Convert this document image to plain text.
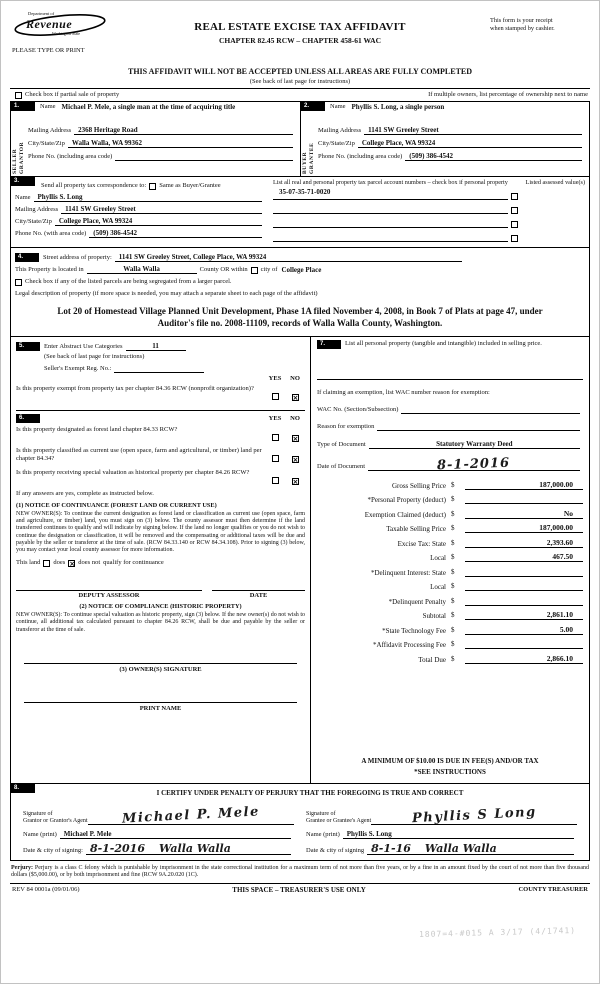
Department of
Revenue
Washington State
REAL ESTATE EXCISE TAX AFFIDAVIT
CHAPTER 82.45 RCW – CHAPTER 458-61 WAC
This form is your receipt
when stamped by cashier.
PLEASE TYPE OR PRINT
THIS AFFIDAVIT WILL NOT BE ACCEPTED UNLESS ALL AREAS ARE FULLY COMPLETED
(See back of last page for instructions)
Check box if partial sale of property	If multiple owners, list percentage of ownership next to name
1.
SELLER GRANTOR
Name Michael P. Mele, a single man at the time of acquiring title
Mailing Address 2368 Heritage Road
City/State/Zip Walla Walla, WA 99362
Phone No. (including area code)
2.
BUYER GRANTEE
Name Phyllis S. Long, a single person
Mailing Address 1141 SW Greeley Street
City/State/Zip College Place, WA 99324
Phone No. (including area code) (509) 386-4542
3.
Send all property tax correspondence to: Same as Buyer/Grantee
Name Phyllis S. Long
Mailing Address 1141 SW Greeley Street
City/State/Zip College Place, WA 99324
Phone No. (with area code) (509) 386-4542
List all real and personal property tax parcel account numbers – check box if personal property	Listed assessed value(s)
35-07-35-71-0020
4.	Street address of property: 1141 SW Greeley Street, College Place, WA 99324
This Property is located in	Walla Walla	County OR within city of College Place
Check box if any of the listed parcels are being segregated from a larger parcel.
Legal description of property (if more space is needed, you may attach a separate sheet to each page of the affidavit)
Lot 20 of Homestead Village Planned Unit Development, Phase 1A filed November 4, 2008, in Book 7 of Plats at page 47, under Auditor's file no. 2008-11109, records of Walla Walla County, Washington.
5.	Enter Abstract Use Categories	11
(See back of last page for instructions)
Seller's Exempt Reg. No.:
YES	NO
Is this property exempt from property tax per chapter 84.36 RCW (nonprofit organization)?
×
6.	YES	NO
Is this property designated as forest land chapter 84.33 RCW?
×
Is this property classified as current use (open space, farm and agricultural, or timber) land per chapter 84.34?	×
Is this property receiving special valuation as historical property per chapter 84.26 RCW?
×
If any answers are yes, complete as instructed below.
(1) NOTICE OF CONTINUANCE (FOREST LAND OR CURRENT USE)
NEW OWNER(S): To continue the current designation as forest land or classification as current use (open space, farm and agriculture, or timber) land, you must sign on (3) below. The county assessor must then determine if the land transferred continues to qualify and will indicate by signing below. If the land no longer qualifies or you do not wish to continue the designation or classification, it will be removed and the compensating or additional taxes will be due and payable by the seller or transferor at the time of sale. (RCW 84.33.140 or RCW 84.34.108). Prior to signing (3) below, you may contact your local county assessor for more information.
This land does × does not qualify for continuance
DEPUTY ASSESSOR	DATE
(2) NOTICE OF COMPLIANCE (HISTORIC PROPERTY)
NEW OWNER(S): To continue special valuation as historic property, sign (3) below. If the new owner(s) do not wish to continue, all additional tax calculated pursuant to chapter 84.26 RCW, shall be due and payable by the seller or transferor at the time of sale.
(3) OWNER(S) SIGNATURE
PRINT NAME
7.	List all personal property (tangible and intangible) included in selling price.
If claiming an exemption, list WAC number reason for exemption:
WAC No. (Section/Subsection)
Reason for exemption
Type of Document	Statutory Warranty Deed
Date of Document	8-1-2016
Gross Selling Price $	187,000.00
*Personal Property (deduct) $
Exemption Claimed (deduct) $	No
Taxable Selling Price $	187,000.00
Excise Tax: State $	2,393.60
Local $	467.50
*Delinquent Interest: State $
Local $
*Delinquent Penalty $
Subtotal $	2,861.10
*State Technology Fee $	5.00
*Affidavit Processing Fee $
Total Due $	2,866.10
A MINIMUM OF $10.00 IS DUE IN FEE(S) AND/OR TAX
*SEE INSTRUCTIONS
8.
I CERTIFY UNDER PENALTY OF PERJURY THAT THE FOREGOING IS TRUE AND CORRECT
Signature of
Grantor or Grantor's Agent	Michael P. Mele
Name (print) Michael P. Mele
Date & city of signing: 8-1-2016 Walla Walla
Signature of
Grantee or Grantee's Agent	Phyllis S Long
Name (print) Phyllis S. Long
Date & city of signing 8-1-16 Walla Walla
Perjury: Perjury is a class C felony which is punishable by imprisonment in the state correctional institution for a maximum term of not more than five years, or by a fine in an amount fixed by the court of not more than five thousand dollars ($5,000.00), or by both imprisonment and fine (RCW 9A.20.020 (1C).
REV 84 0001a (09/01/06)	THIS SPACE – TREASURER'S USE ONLY	COUNTY TREASURER
1807=4-#015 A 3/17 (4/1741)
